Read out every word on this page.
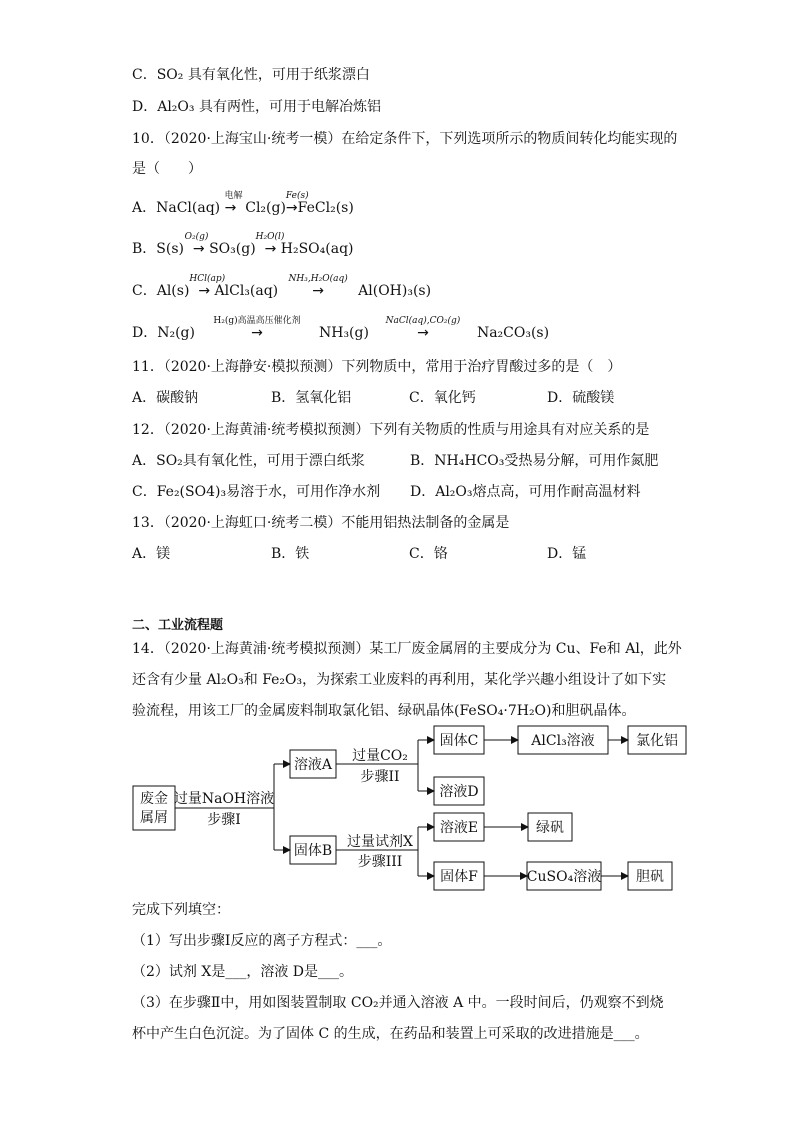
C．SO₂ 具有氧化性，可用于纸浆漂白
D．Al₂O₃ 具有两性，可用于电解冶炼铝
10．（2020·上海宝山·统考一模）在给定条件下，下列选项所示的物质间转化均能实现的
是（　　）
A．NaCl(aq)
电解
→ Cl₂(g)
Fe(s)
→FeCl₂(s)
B．S(s)
O₂(g)
→ SO₃(g)
H₂O(l)
→ H₂SO₄(aq)
C．Al(s)
HCl(ap)
→ AlCl₃(aq)
NH₃,H₂O(aq)
→ Al(OH)₃(s)
D．N₂(g)
H₂(g)高温高压催化剂
→	NH₃(g)
NaCl(aq),CO₂(g)
→	Na₂CO₃(s)
11．（2020·上海静安·模拟预测）下列物质中，常用于治疗胃酸过多的是（　）
A．碳酸钠	B．氢氧化铝	C．氧化钙	D．硫酸镁
12．（2020·上海黄浦·统考模拟预测）下列有关物质的性质与用途具有对应关系的是
A．SO₂具有氧化性，可用于漂白纸浆	B．NH₄HCO₃受热易分解，可用作氮肥
C．Fe₂(SO4)₃易溶于水，可用作净水剂 D．Al₂O₃熔点高，可用作耐高温材料
13．（2020·上海虹口·统考二模）不能用铝热法制备的金属是
A．镁	B．铁	C．铬	D．锰
二、工业流程题
14．（2020·上海黄浦·统考模拟预测）某工厂废金属屑的主要成分为 Cu、Fe和 Al，此外
还含有少量 Al₂O₃和 Fe₂O₃，为探索工业废料的再利用，某化学兴趣小组设计了如下实
验流程，用该工厂的金属废料制取氯化铝、绿矾晶体(FeSO₄·7H₂O)和胆矾晶体。
废金
属屑
过量NaOH溶液
步骤I
溶液A
固体B
过量CO₂
步骤II
过量试剂X
步骤III
固体C
溶液D
AlCl₃溶液	氯化铝
溶液E	绿矾
固体F	CuSO₄溶液 胆矾
完成下列填空：
（1）写出步骤Ⅰ反应的离子方程式：___。
（2）试剂 X是___，溶液 D是___。
（3）在步骤Ⅱ中，用如图装置制取 CO₂并通入溶液 A 中。一段时间后，仍观察不到烧
杯中产生白色沉淀。为了固体 C 的生成，在药品和装置上可采取的改进措施是___。
